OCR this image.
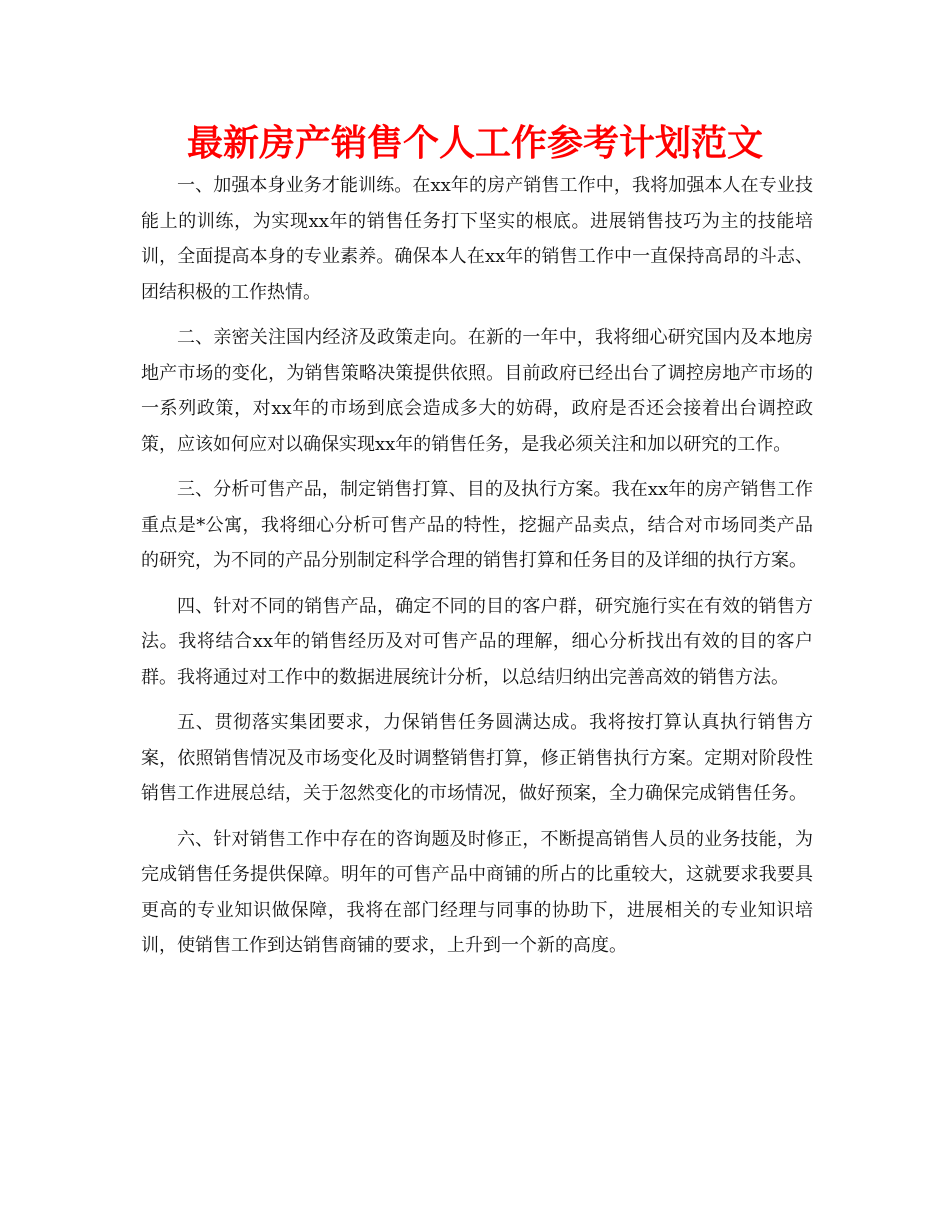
最新房产销售个人工作参考计划范文

一、加强本身业务才能训练。在xx年的房产销售工作中，我将加强本人在专业技能上的训练，为实现xx年的销售任务打下坚实的根底。进展销售技巧为主的技能培训，全面提高本身的专业素养。确保本人在xx年的销售工作中一直保持高昂的斗志、团结积极的工作热情。

二、亲密关注国内经济及政策走向。在新的一年中，我将细心研究国内及本地房地产市场的变化，为销售策略决策提供依照。目前政府已经出台了调控房地产市场的一系列政策，对xx年的市场到底会造成多大的妨碍，政府是否还会接着出台调控政策，应该如何应对以确保实现xx年的销售任务，是我必须关注和加以研究的工作。

三、分析可售产品，制定销售打算、目的及执行方案。我在xx年的房产销售工作重点是*公寓，我将细心分析可售产品的特性，挖掘产品卖点，结合对市场同类产品的研究，为不同的产品分别制定科学合理的销售打算和任务目的及详细的执行方案。

四、针对不同的销售产品，确定不同的目的客户群，研究施行实在有效的销售方法。我将结合xx年的销售经历及对可售产品的理解，细心分析找出有效的目的客户群。我将通过对工作中的数据进展统计分析，以总结归纳出完善高效的销售方法。

五、贯彻落实集团要求，力保销售任务圆满达成。我将按打算认真执行销售方案，依照销售情况及市场变化及时调整销售打算，修正销售执行方案。定期对阶段性销售工作进展总结，关于忽然变化的市场情况，做好预案，全力确保完成销售任务。

六、针对销售工作中存在的咨询题及时修正，不断提高销售人员的业务技能，为完成销售任务提供保障。明年的可售产品中商铺的所占的比重较大，这就要求我要具更高的专业知识做保障，我将在部门经理与同事的协助下，进展相关的专业知识培训，使销售工作到达销售商铺的要求，上升到一个新的高度。
